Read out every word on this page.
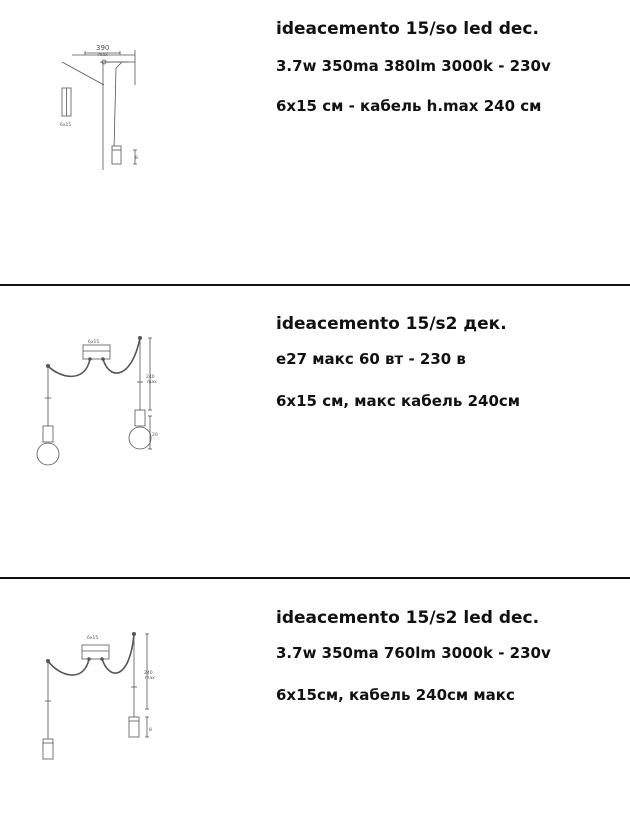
390
max
6x15
8

ideacemento 15/so led dec.

3.7w 350ma 380lm 3000k - 230v

6x15 см - кабель h.max 240 см

6x15
240
max
20

ideacemento 15/s2 дек.

e27 макс 60 вт - 230 в

6x15 см, макс кабель 240см

6x15
240
max
8

ideacemento 15/s2 led dec.

3.7w 350ma 760lm 3000k - 230v

6x15см, кабель 240см макс
